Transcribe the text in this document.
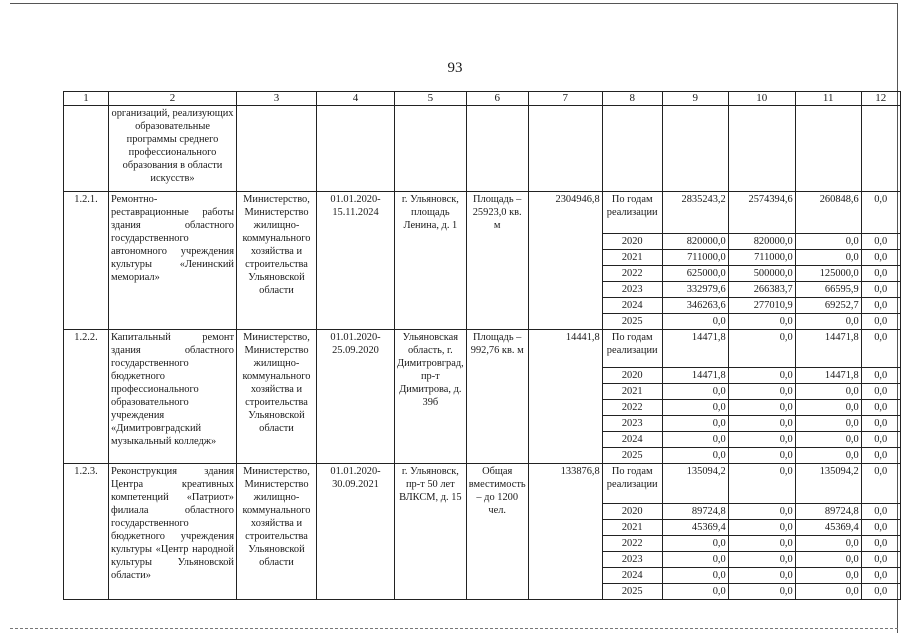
93
1	2	3	4	5	6	7	8	9	10	11	12
	организаций, реализующих образовательные программы среднего профессионального образования в области искусств»										
1.2.1.	Ремонтно-реставрационные работы здания областного государственного автономного учреждения культуры «Ленинский мемориал»	Министерство, Министерство жилищно-коммунального хозяйства и строительства Ульяновской области	01.01.2020-15.11.2024	г. Ульяновск, площадь Ленина, д. 1	Площадь – 25923,0 кв. м	2304946,8	По годам реализации	2835243,2	2574394,6	260848,6	0,0
							2020	820000,0	820000,0	0,0	0,0
							2021	711000,0	711000,0	0,0	0,0
							2022	625000,0	500000,0	125000,0	0,0
							2023	332979,6	266383,7	66595,9	0,0
							2024	346263,6	277010,9	69252,7	0,0
							2025	0,0	0,0	0,0	0,0
1.2.2.	Капитальный ремонт здания областного государственного бюджетного профессионального образовательного учреждения «Димитровградский музыкальный колледж»	Министерство, Министерство жилищно-коммунального хозяйства и строительства Ульяновской области	01.01.2020-25.09.2020	Ульяновская область, г. Димитровград, пр-т Димитрова, д. 39б	Площадь – 992,76 кв. м	14441,8	По годам реализации	14471,8	0,0	14471,8	0,0
							2020	14471,8	0,0	14471,8	0,0
							2021	0,0	0,0	0,0	0,0
							2022	0,0	0,0	0,0	0,0
							2023	0,0	0,0	0,0	0,0
							2024	0,0	0,0	0,0	0,0
							2025	0,0	0,0	0,0	0,0
1.2.3.	Реконструкция здания Центра креативных компетенций «Патриот» филиала областного государственного бюджетного учреждения культуры «Центр народной культуры Ульяновской области»	Министерство, Министерство жилищно-коммунального хозяйства и строительства Ульяновской области	01.01.2020-30.09.2021	г. Ульяновск, пр-т 50 лет ВЛКСМ, д. 15	Общая вместимость – до 1200 чел.	133876,8	По годам реализации	135094,2	0,0	135094,2	0,0
							2020	89724,8	0,0	89724,8	0,0
							2021	45369,4	0,0	45369,4	0,0
							2022	0,0	0,0	0,0	0,0
							2023	0,0	0,0	0,0	0,0
							2024	0,0	0,0	0,0	0,0
							2025	0,0	0,0	0,0	0,0
